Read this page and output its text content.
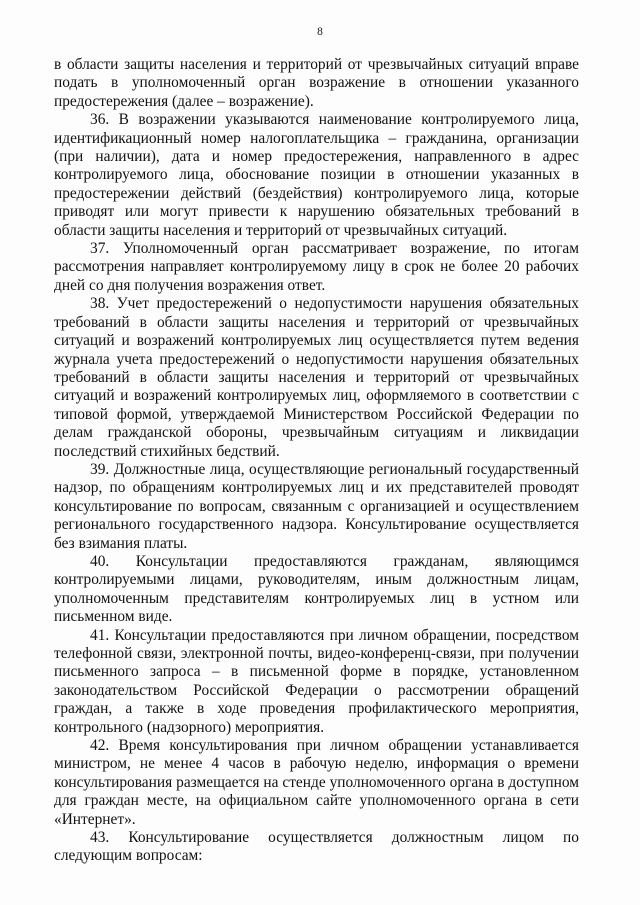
8

в области защиты населения и территорий от чрезвычайных ситуаций вправе подать в уполномоченный орган возражение в отношении указанного предостережения (далее – возражение).

36. В возражении указываются наименование контролируемого лица, идентификационный номер налогоплательщика – гражданина, организации (при наличии), дата и номер предостережения, направленного в адрес контролируемого лица, обоснование позиции в отношении указанных в предостережении действий (бездействия) контролируемого лица, которые приводят или могут привести к нарушению обязательных требований в области защиты населения и территорий от чрезвычайных ситуаций.

37. Уполномоченный орган рассматривает возражение, по итогам рассмотрения направляет контролируемому лицу в срок не более 20 рабочих дней со дня получения возражения ответ.

38. Учет предостережений о недопустимости нарушения обязательных требований в области защиты населения и территорий от чрезвычайных ситуаций и возражений контролируемых лиц осуществляется путем ведения журнала учета предостережений о недопустимости нарушения обязательных требований в области защиты населения и территорий от чрезвычайных ситуаций и возражений контролируемых лиц, оформляемого в соответствии с типовой формой, утверждаемой Министерством Российской Федерации по делам гражданской обороны, чрезвычайным ситуациям и ликвидации последствий стихийных бедствий.

39. Должностные лица, осуществляющие региональный государственный надзор, по обращениям контролируемых лиц и их представителей проводят консультирование по вопросам, связанным с организацией и осуществлением регионального государственного надзора. Консультирование осуществляется без взимания платы.

40. Консультации предоставляются гражданам, являющимся контролируемыми лицами, руководителям, иным должностным лицам, уполномоченным представителям контролируемых лиц в устном или письменном виде.

41. Консультации предоставляются при личном обращении, посредством телефонной связи, электронной почты, видео-конференц-связи, при получении письменного запроса – в письменной форме в порядке, установленном законодательством Российской Федерации о рассмотрении обращений граждан, а также в ходе проведения профилактического мероприятия, контрольного (надзорного) мероприятия.

42. Время консультирования при личном обращении устанавливается министром, не менее 4 часов в рабочую неделю, информация о времени консультирования размещается на стенде уполномоченного органа в доступном для граждан месте, на официальном сайте уполномоченного органа в сети «Интернет».

43. Консультирование осуществляется должностным лицом по следующим вопросам:
